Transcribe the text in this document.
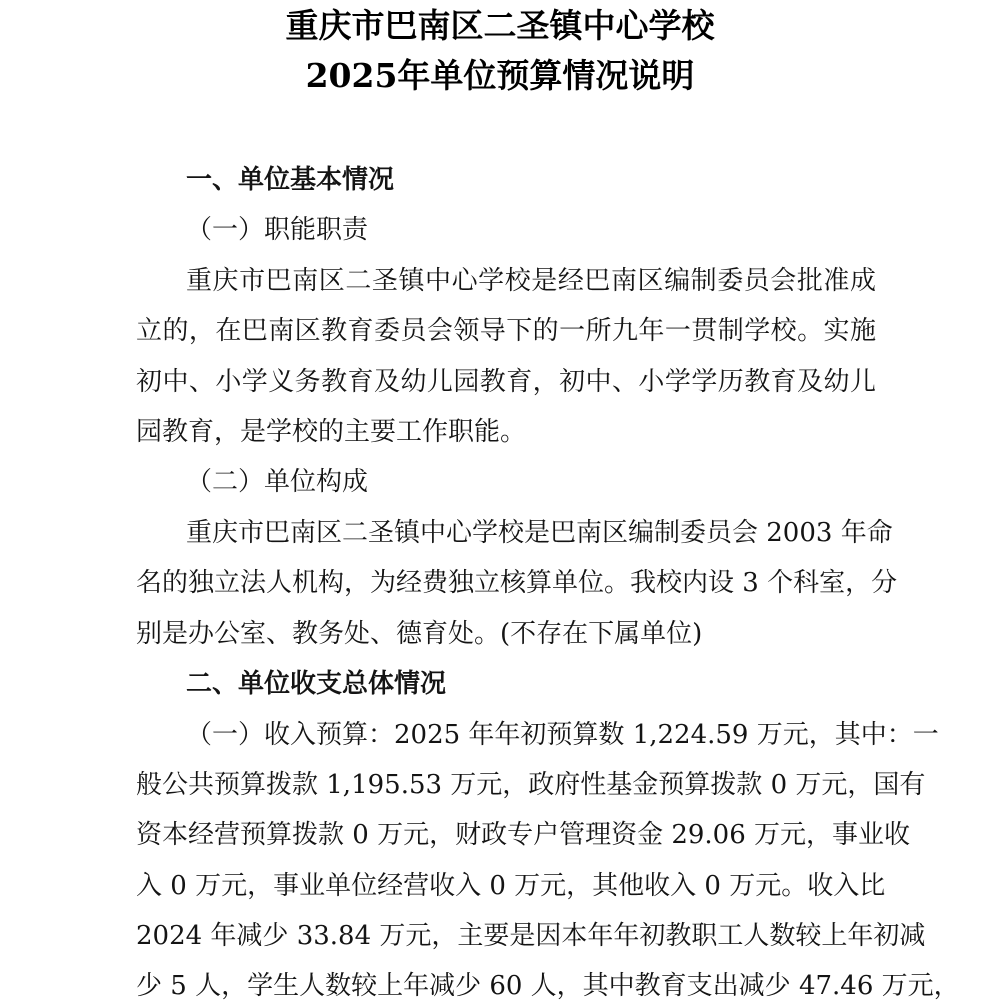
重庆市巴南区二圣镇中心学校
2025年单位预算情况说明
一、单位基本情况
（一）职能职责
重庆市巴南区二圣镇中心学校是经巴南区编制委员会批准成
立的，在巴南区教育委员会领导下的一所九年一贯制学校。实施
初中、小学义务教育及幼儿园教育，初中、小学学历教育及幼儿
园教育，是学校的主要工作职能。
（二）单位构成
重庆市巴南区二圣镇中心学校是巴南区编制委员会 2003 年命
名的独立法人机构，为经费独立核算单位。我校内设 3 个科室，分
别是办公室、教务处、德育处。(不存在下属单位)
二、单位收支总体情况
（一）收入预算：2025 年年初预算数 1,224.59 万元，其中：一
般公共预算拨款 1,195.53 万元，政府性基金预算拨款 0 万元，国有
资本经营预算拨款 0 万元，财政专户管理资金 29.06 万元，事业收
入 0 万元，事业单位经营收入 0 万元，其他收入 0 万元。收入比
2024 年减少 33.84 万元，主要是因本年年初教职工人数较上年初减
少 5 人，学生人数较上年减少 60 人，其中教育支出减少 47.46 万元，
